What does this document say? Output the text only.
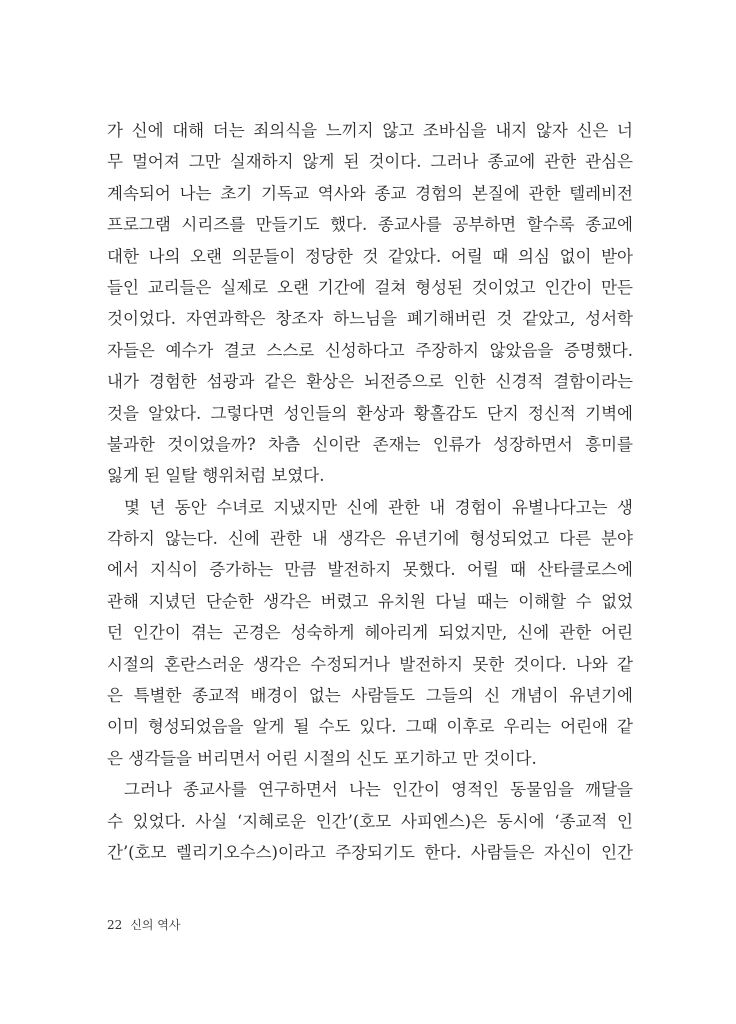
가 신에 대해 더는 죄의식을 느끼지 않고 조바심을 내지 않자 신은 너
무 멀어져 그만 실재하지 않게 된 것이다. 그러나 종교에 관한 관심은
계속되어 나는 초기 기독교 역사와 종교 경험의 본질에 관한 텔레비전
프로그램 시리즈를 만들기도 했다. 종교사를 공부하면 할수록 종교에
대한 나의 오랜 의문들이 정당한 것 같았다. 어릴 때 의심 없이 받아
들인 교리들은 실제로 오랜 기간에 걸쳐 형성된 것이었고 인간이 만든
것이었다. 자연과학은 창조자 하느님을 폐기해버린 것 같았고, 성서학
자들은 예수가 결코 스스로 신성하다고 주장하지 않았음을 증명했다.
내가 경험한 섬광과 같은 환상은 뇌전증으로 인한 신경적 결함이라는
것을 알았다. 그렇다면 성인들의 환상과 황홀감도 단지 정신적 기벽에
불과한 것이었을까? 차츰 신이란 존재는 인류가 성장하면서 흥미를
잃게 된 일탈 행위처럼 보였다.
몇 년 동안 수녀로 지냈지만 신에 관한 내 경험이 유별나다고는 생
각하지 않는다. 신에 관한 내 생각은 유년기에 형성되었고 다른 분야
에서 지식이 증가하는 만큼 발전하지 못했다. 어릴 때 산타클로스에
관해 지녔던 단순한 생각은 버렸고 유치원 다닐 때는 이해할 수 없었
던 인간이 겪는 곤경은 성숙하게 헤아리게 되었지만, 신에 관한 어린
시절의 혼란스러운 생각은 수정되거나 발전하지 못한 것이다. 나와 같
은 특별한 종교적 배경이 없는 사람들도 그들의 신 개념이 유년기에
이미 형성되었음을 알게 될 수도 있다. 그때 이후로 우리는 어린애 같
은 생각들을 버리면서 어린 시절의 신도 포기하고 만 것이다.
그러나 종교사를 연구하면서 나는 인간이 영적인 동물임을 깨달을
수 있었다. 사실 ‘지혜로운 인간’(호모 사피엔스)은 동시에 ‘종교적 인
간’(호모 렐리기오수스)이라고 주장되기도 한다. 사람들은 자신이 인간
22 신의 역사
